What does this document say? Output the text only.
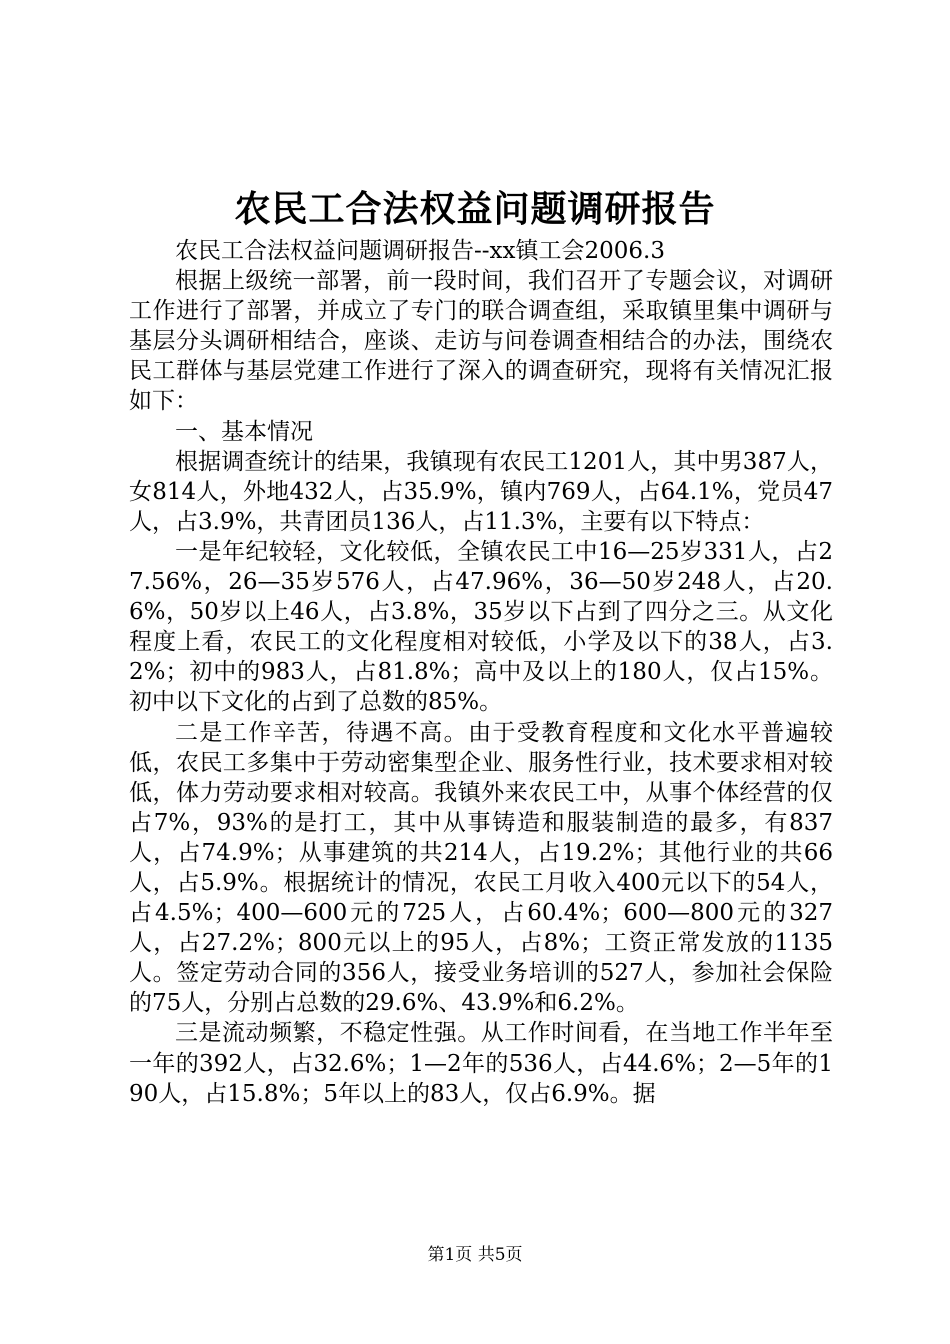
农民工合法权益问题调研报告

农民工合法权益问题调研报告--xx镇工会2006.3

根据上级统一部署，前一段时间，我们召开了专题会议，对调研工作进行了部署，并成立了专门的联合调查组，采取镇里集中调研与基层分头调研相结合，座谈、走访与问卷调查相结合的办法，围绕农民工群体与基层党建工作进行了深入的调查研究，现将有关情况汇报如下：

一、基本情况

根据调查统计的结果，我镇现有农民工1201人，其中男387人，女814人，外地432人，占35.9%，镇内769人，占64.1%，党员47人，占3.9%，共青团员136人，占11.3%，主要有以下特点：

一是年纪较轻，文化较低，全镇农民工中16—25岁331人，占27.56%，26—35岁576人，占47.96%，36—50岁248人，占20.6%，50岁以上46人，占3.8%，35岁以下占到了四分之三。从文化程度上看，农民工的文化程度相对较低，小学及以下的38人，占3.2%；初中的983人，占81.8%；高中及以上的180人，仅占15%。初中以下文化的占到了总数的85%。

二是工作辛苦，待遇不高。由于受教育程度和文化水平普遍较低，农民工多集中于劳动密集型企业、服务性行业，技术要求相对较低，体力劳动要求相对较高。我镇外来农民工中，从事个体经营的仅占7%，93%的是打工，其中从事铸造和服装制造的最多，有837人，占74.9%；从事建筑的共214人，占19.2%；其他行业的共66人，占5.9%。根据统计的情况，农民工月收入400元以下的54人，占4.5%；400—600元的725人，占60.4%；600—800元的327人，占27.2%；800元以上的95人，占8%；工资正常发放的1135人。签定劳动合同的356人，接受业务培训的527人，参加社会保险的75人，分别占总数的29.6%、43.9%和6.2%。

三是流动频繁，不稳定性强。从工作时间看，在当地工作半年至一年的392人，占32.6%；1—2年的536人，占44.6%；2—5年的190人，占15.8%；5年以上的83人，仅占6.9%。据

第1页 共5页
